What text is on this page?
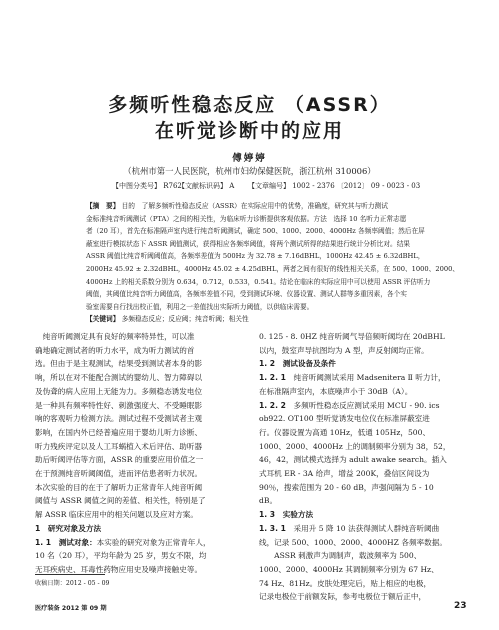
多频听性稳态反应 （ASSR）
在听觉诊断中的应用
傅婷婷
（杭州市第一人民医院，杭州市妇幼保健医院，浙江杭州 310006）
【中图分类号】 R762
【文献标识码】 A 【文章编号】 1002 - 2376 〔2012〕 09 - 0023 - 03
【摘　要】 目的　了解多频听性稳态反应（ASSR）在实际应用中的优势，准确度，研究其与听力测试
金标准纯音听阈测试（PTA）之间的相关性，为临床听力诊断提供客观依据。方法　选择 10 名听力正常志愿
者（20 耳），首先在标准隔声室内进行纯音听阈测试，确定 500、1000、2000、4000Hz 各频率阈值；然后在屏
蔽室进行模拟状态下 ASSR 阈值测试，获得相应各频率阈值，将两个测试所得的结果进行统计分析比对。结果
ASSR 阈值比纯音听阈阈值高，各频率差值为 500Hz 为 32.78 ± 7.16dBHL，1000Hz 42.45 ± 6.32dBHL，
2000Hz 45.92 ± 2.32dBHL，4000Hz 45.02 ± 4.25dBHL，两者之间有很好的线性相关关系，在 500、1000、2000、
4000Hz 上的相关系数分别为 0.634，0.712，0.533，0.541。结论在临床的实际应用中可以使用 ASSR 评估听力
阈值，其阈值比纯音听力阈值高，各频率差值不同，受到测试环境、仪器设置、测试人群等多重因素，各个实
验室需要自行找出校正值，利用之一差值找出实际听力阈值，以供临床需要。
【关键词】 多频稳态反应；反应阈；纯音听阈；相关性
　纯音听阈测定具有良好的频率特异性，可以准
确地确定测试者的听力水平，成为听力测试的首
选。但由于是主观测试，结果受到测试者本身的影
响，所以在对不能配合测试的婴幼儿、智力障碍以
及伪聋的病人应用上无能为力。多频稳态诱发电位
是一种具有频率特性好、刺激强度大、不受睡眠影
响的客观听力检测方法。测试过程不受测试者主观
影响，在国内外已经普遍应用于婴幼儿听力诊断、
听力残疾评定以及人工耳蜗植入术后评估、助听器
助后听阈评估等方面，ASSR 的重要应用价值之一
在于预测纯音听阈阈值，进而评估患者听力状况。
本次实验的目的在于了解听力正常青年人纯音听阈
阈值与 ASSR 阈值之间的差值、相关性，特别是了
解 ASSR 临床应用中的相关问题以及应对方案。
1　研究对象及方法
1. 1　测试对象：本实验的研究对象为正常青年人，
10 名（20 耳），平均年龄为 25 岁，男女不限，均
无耳疾病史、耳毒性药物应用史及噪声接触史等。
0. 125 - 8. 0HZ 纯音听阈气导倍频听阈均在 20dBHL
以内，鼓室声导抗图均为 A 型，声反射阈均正常。
1. 2　测试设备及条件
1. 2. 1　纯音听阈测试采用 Madsenitera Ⅱ 听力计，
在标准隔声室内，本底噪声小于 30dB（A）。
1. 2. 2　多频听性稳态反应测试采用 MCU - 90. ics
ob922. OT100 型听觉诱发电位仪在标准屏蔽室进
行。仪器设置为高通 10Hz，低通 105Hz，500、
1000、2000、4000Hz 上的调制频率分别为 38，52，
46，42，测试模式选择为 adult awake search。插入
式耳机 ER - 3A 给声，增益 200K，叠信区间设为
90％，搜索范围为 20 - 60 dB，声强间隔为 5 - 10
dB。
1. 3　实验方法
1. 3. 1　采用升 5 降 10 法获得测试人群纯音听阈曲
线，记录 500、1000、2000、4000HZ 各频率数据。
　　ASSR 刺激声为调制声，载波频率为 500、
1000、2000、4000Hz 其调制频率分别为 67 Hz、
74 Hz、81Hz。皮肤处理完后，贴上相应的电极，
记录电极位于前额发际，参考电极位于额后正中，
收稿日期：2012 - 05 - 09
医疗装备 2012 第 09 期	23
